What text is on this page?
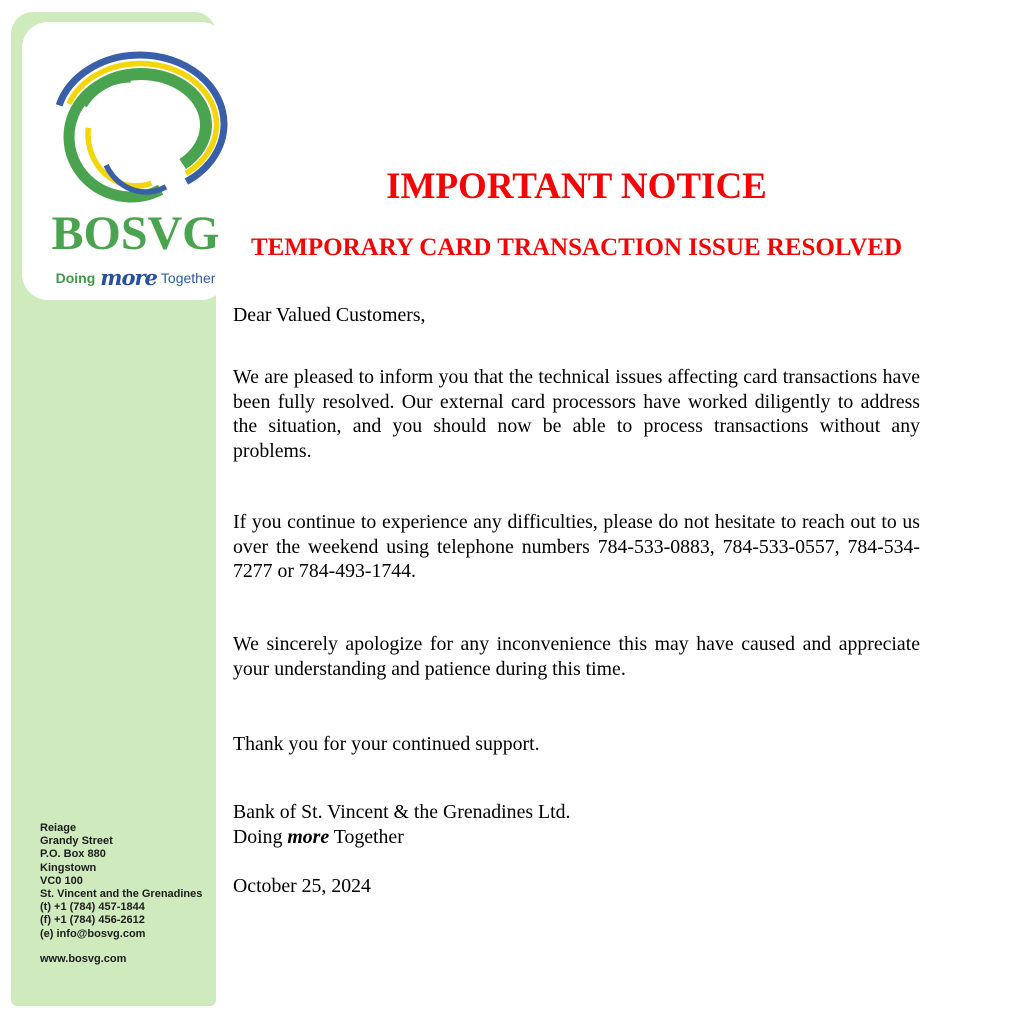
BOSVG
Doing more Together
Reiage
Grandy Street
P.O. Box 880
Kingstown
VC0 100
St. Vincent and the Grenadines
(t) +1 (784) 457-1844
(f) +1 (784) 456-2612
(e) info@bosvg.com
www.bosvg.com
IMPORTANT NOTICE
TEMPORARY CARD TRANSACTION ISSUE RESOLVED

Dear Valued Customers,

We are pleased to inform you that the technical issues affecting card transactions have been fully resolved. Our external card processors have worked diligently to address the situation, and you should now be able to process transactions without any problems.

If you continue to experience any difficulties, please do not hesitate to reach out to us over the weekend using telephone numbers 784-533-0883, 784-533-0557, 784-534-7277 or 784-493-1744.

We sincerely apologize for any inconvenience this may have caused and appreciate your understanding and patience during this time.

Thank you for your continued support.

Bank of St. Vincent & the Grenadines Ltd.
Doing more Together

October 25, 2024
